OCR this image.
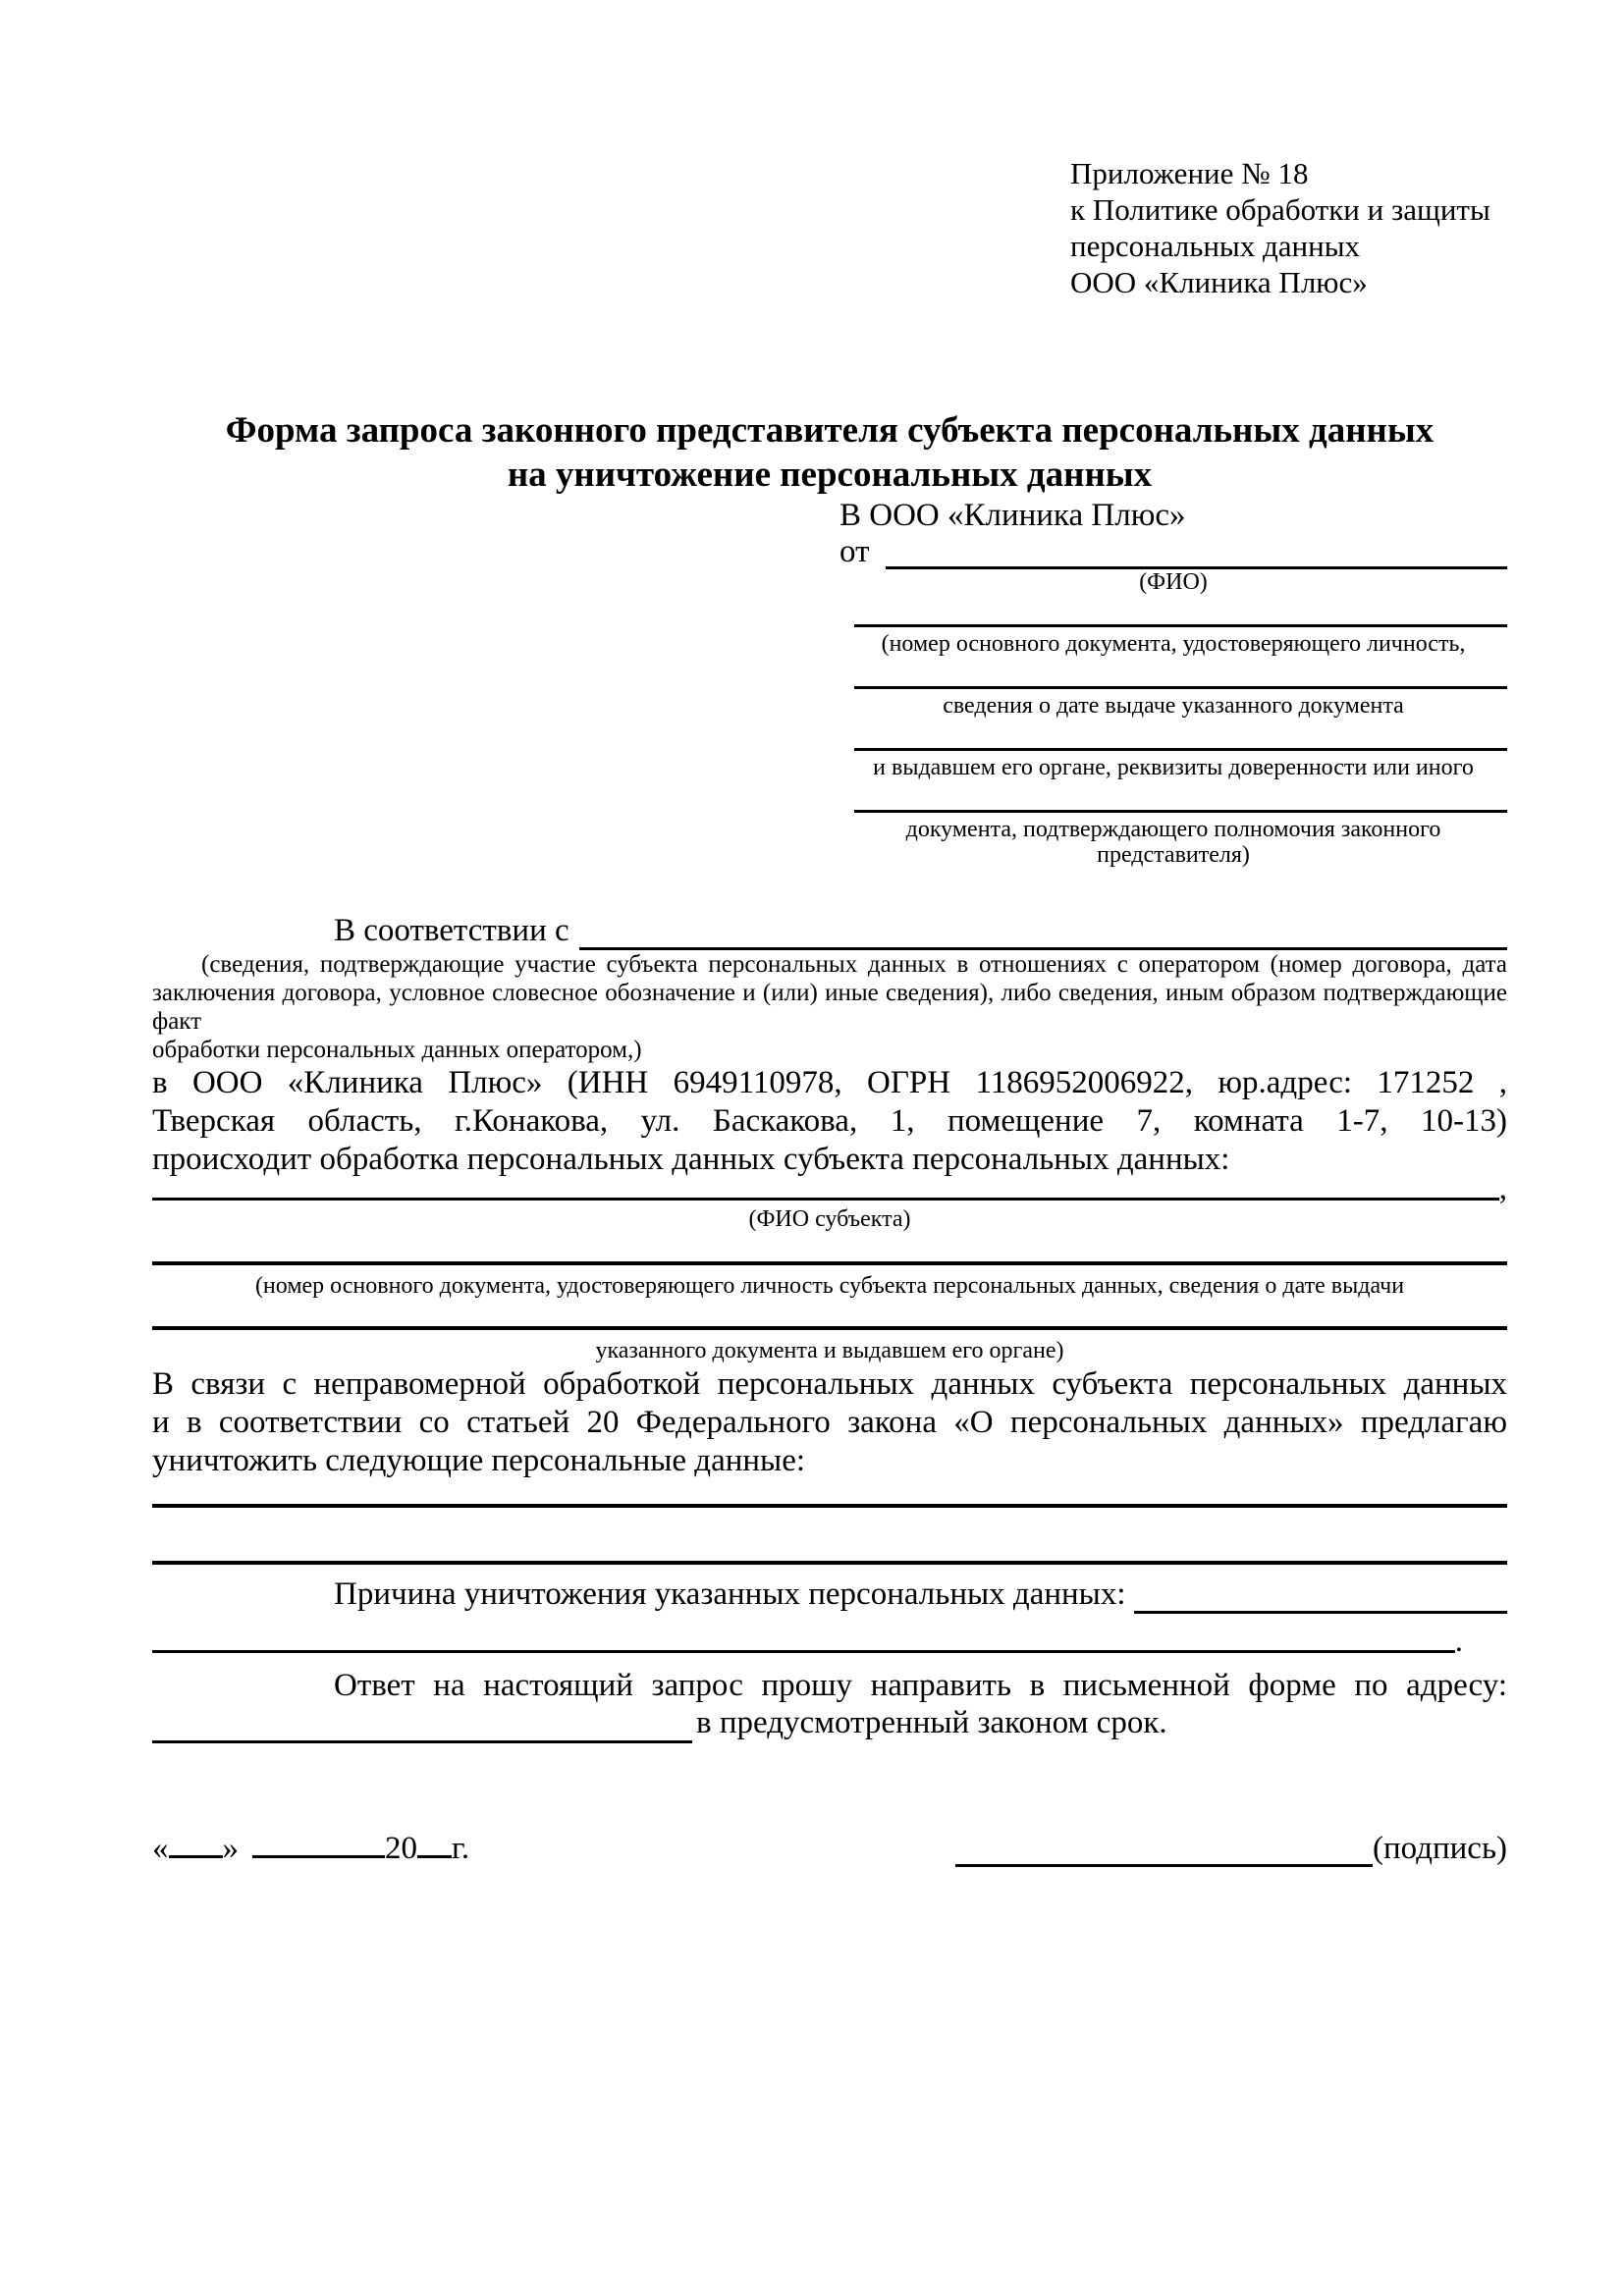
Приложение № 18
к Политике обработки и защиты
персональных данных
ООО «Клиника Плюс»
Форма запроса законного представителя субъекта персональных данных
на уничтожение персональных данных
В ООО «Клиника Плюс»
от
(ФИО)
(номер основного документа, удостоверяющего личность,
сведения о дате выдаче указанного документа
и выдавшем его органе, реквизиты доверенности или иного
документа, подтверждающего полномочия законного представителя)
В соответствии с
(сведения, подтверждающие участие субъекта персональных данных в отношениях с оператором (номер договора, дата
заключения договора, условное словесное обозначение и (или) иные сведения), либо сведения, иным образом подтверждающие факт
обработки персональных данных оператором,)
в ООО «Клиника Плюс» (ИНН 6949110978, ОГРН 1186952006922, юр.адрес: 171252 ,
Тверская область, г.Конакова, ул. Баскакова, 1, помещение 7, комната 1-7, 10-13)
происходит обработка персональных данных субъекта персональных данных:
,
(ФИО субъекта)
(номер основного документа, удостоверяющего личность субъекта персональных данных, сведения о дате выдачи
указанного документа и выдавшем его органе)
В связи с неправомерной обработкой персональных данных субъекта персональных данных
и в соответствии со статьей 20 Федерального закона «О персональных данных» предлагаю
уничтожить следующие персональные данные:
Причина уничтожения указанных персональных данных:
.
Ответ на настоящий запрос прошу направить в письменной форме по адресу:
в предусмотренный законом срок.
« »	20 г.	(подпись)
